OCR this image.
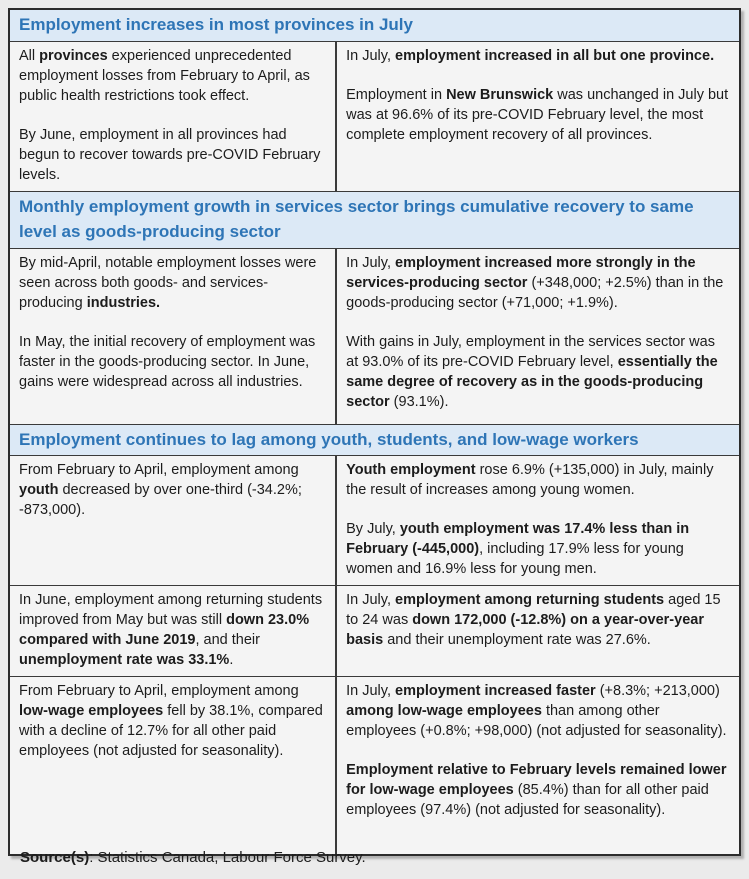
Employment increases in most provinces in July

All provinces experienced unprecedented employment losses from February to April, as public health restrictions took effect.

By June, employment in all provinces had begun to recover towards pre-COVID February levels.

In July, employment increased in all but one province.

Employment in New Brunswick was unchanged in July but was at 96.6% of its pre-COVID February level, the most complete employment recovery of all provinces.

Monthly employment growth in services sector brings cumulative recovery to same level as goods-producing sector

By mid-April, notable employment losses were seen across both goods- and services-producing industries.

In May, the initial recovery of employment was faster in the goods-producing sector. In June, gains were widespread across all industries.

In July, employment increased more strongly in the services-producing sector (+348,000; +2.5%) than in the goods-producing sector (+71,000; +1.9%).

With gains in July, employment in the services sector was at 93.0% of its pre-COVID February level, essentially the same degree of recovery as in the goods-producing sector (93.1%).

Employment continues to lag among youth, students, and low-wage workers

From February to April, employment among youth decreased by over one-third (-34.2%; -873,000).

Youth employment rose 6.9% (+135,000) in July, mainly the result of increases among young women.

By July, youth employment was 17.4% less than in February (-445,000), including 17.9% less for young women and 16.9% less for young men.

In June, employment among returning students improved from May but was still down 23.0% compared with June 2019, and their unemployment rate was 33.1%.

In July, employment among returning students aged 15 to 24 was down 172,000 (-12.8%) on a year-over-year basis and their unemployment rate was 27.6%.

From February to April, employment among low-wage employees fell by 38.1%, compared with a decline of 12.7% for all other paid employees (not adjusted for seasonality).

In July, employment increased faster (+8.3%; +213,000) among low-wage employees than among other employees (+0.8%; +98,000) (not adjusted for seasonality).

Employment relative to February levels remained lower for low-wage employees (85.4%) than for all other paid employees (97.4%) (not adjusted for seasonality).

Source(s): Statistics Canada, Labour Force Survey.
